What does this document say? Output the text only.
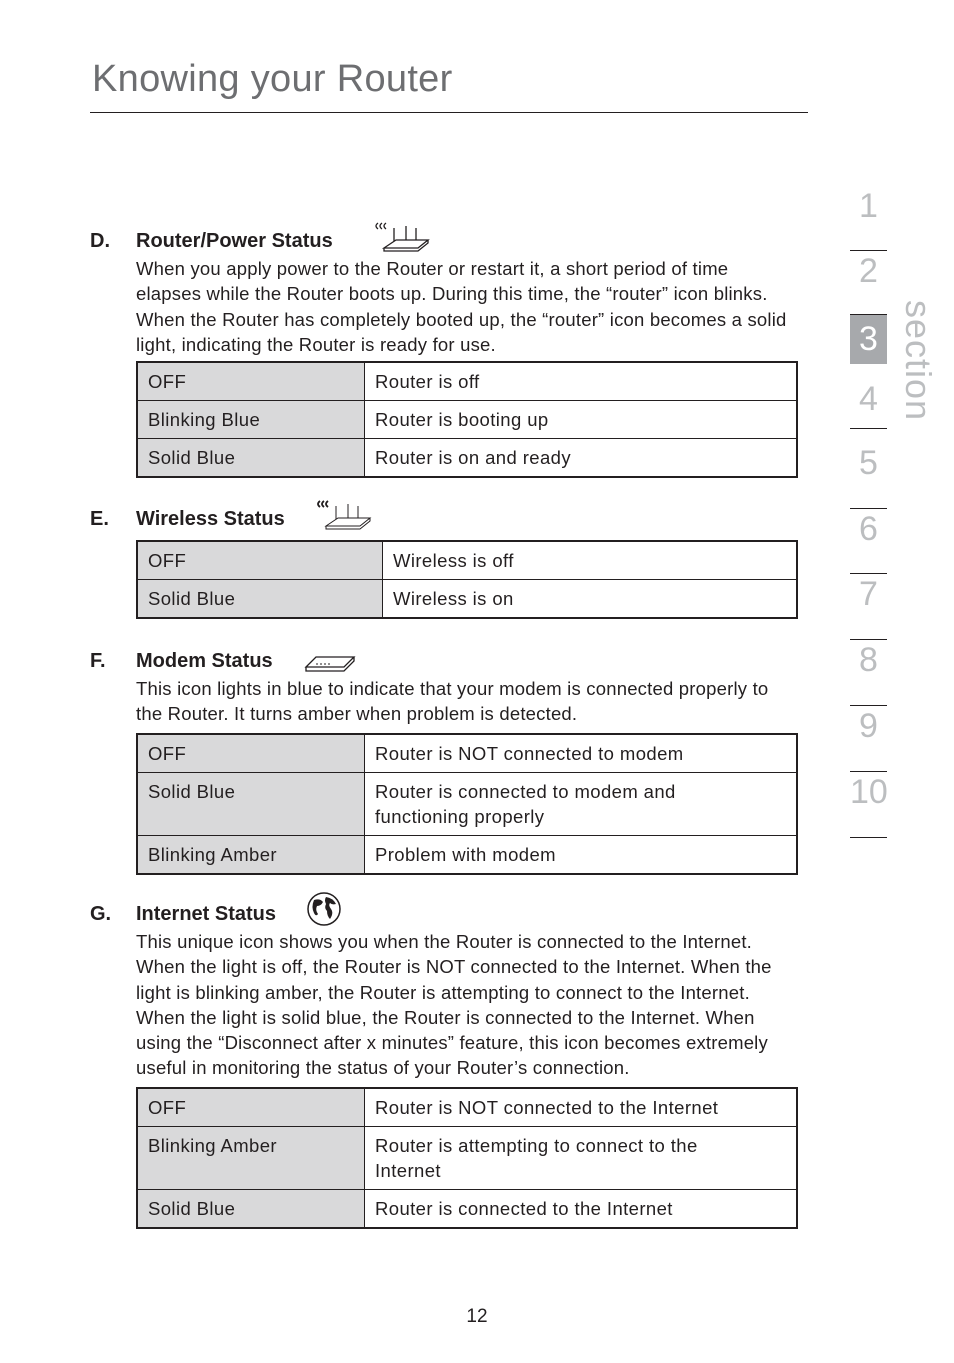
Knowing your Router
D. Router/Power Status
When you apply power to the Router or restart it, a short period of time elapses while the Router boots up. During this time, the “router” icon blinks. When the Router has completely booted up, the “router” icon becomes a solid light, indicating the Router is ready for use.
OFF	Router is off
Blinking Blue	Router is booting up
Solid Blue	Router is on and ready
E. Wireless Status
OFF	Wireless is off
Solid Blue	Wireless is on
F. Modem Status
This icon lights in blue to indicate that your modem is connected properly to the Router. It turns amber when problem is detected.
OFF	Router is NOT connected to modem
Solid Blue	Router is connected to modem and functioning properly
Blinking Amber	Problem with modem
G. Internet Status
This unique icon shows you when the Router is connected to the Internet. When the light is off, the Router is NOT connected to the Internet. When the light is blinking amber, the Router is attempting to connect to the Internet. When the light is solid blue, the Router is connected to the Internet. When using the “Disconnect after x minutes” feature, this icon becomes extremely useful in monitoring the status of your Router’s connection.
OFF	Router is NOT connected to the Internet
Blinking Amber	Router is attempting to connect to the Internet
Solid Blue	Router is connected to the Internet
1
2
3
4
5
6
7
8
9
10
section
12
